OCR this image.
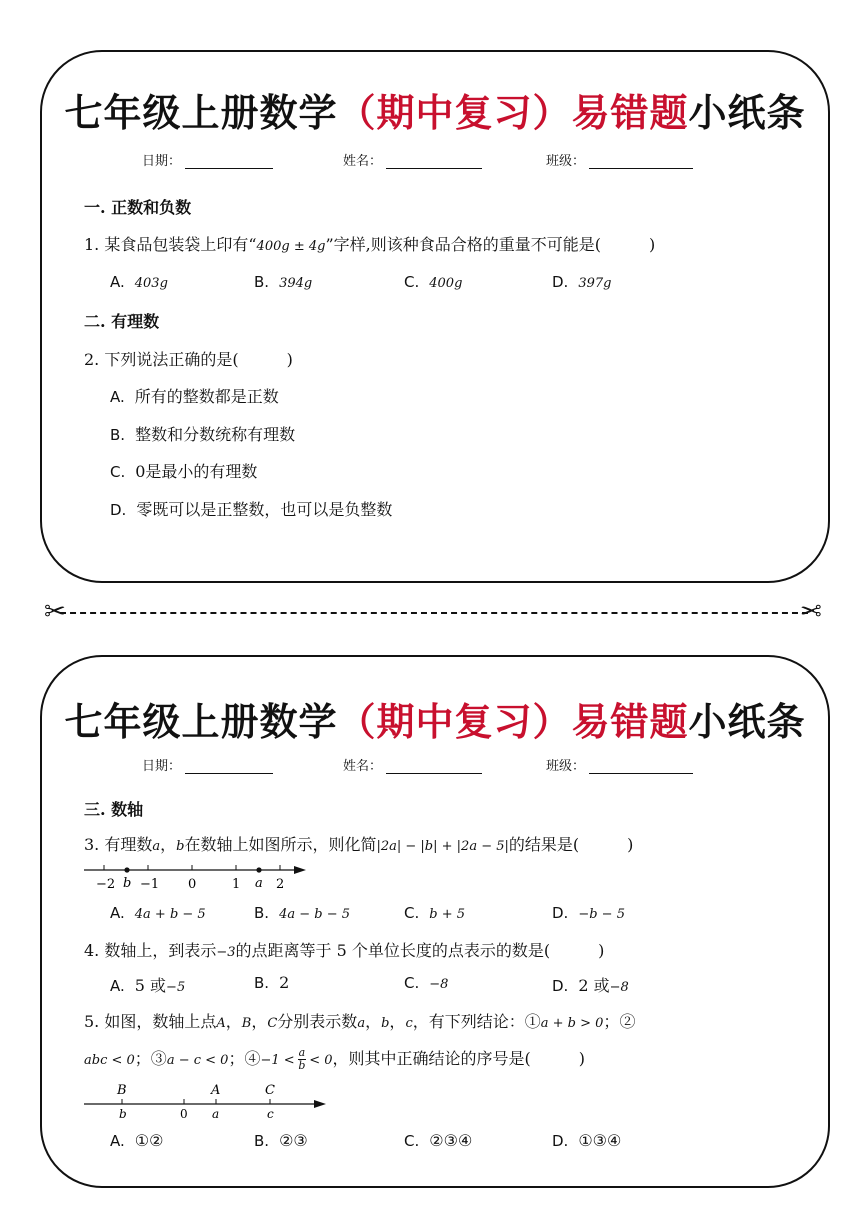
七年级上册数学（期中复习）易错题小纸条
日期：	姓名：	班级：
一. 正数和负数
1. 某食品包装袋上印有“400g ± 4g”字样,则该种食品合格的重量不可能是(	)
A. 403g	B. 394g	C. 400g	D. 397g
二. 有理数
2. 下列说法正确的是(	)
A. 所有的整数都是正数
B. 整数和分数统称有理数
C. 0是最小的有理数
D. 零既可以是正整数，也可以是负整数
✂	✂
七年级上册数学（期中复习）易错题小纸条
日期：	姓名：	班级：
三. 数轴
3. 有理数a，b在数轴上如图所示，则化简|2a| − |b| + |2a − 5|的结果是(	)
−2 b −1 0	1 a 2
A. 4a + b − 5	B. 4a − b − 5	C. b + 5	D. −b − 5
4. 数轴上，到表示−3的点距离等于 5 个单位长度的点表示的数是(	)
A. 5 或−5	B. 2	C. −8	D. 2 或−8
5. 如图，数轴上点A，B，C分别表示数a，b，c，有下列结论：①a + b > 0；②
abc < 0；③a − c < 0；④−1 < $\frac{a}{b} < 0$，则其中正确结论的序号是(	)
B	A	C
b	0 a	c
A. ①②	B. ②③	C. ②③④	D. ①③④
